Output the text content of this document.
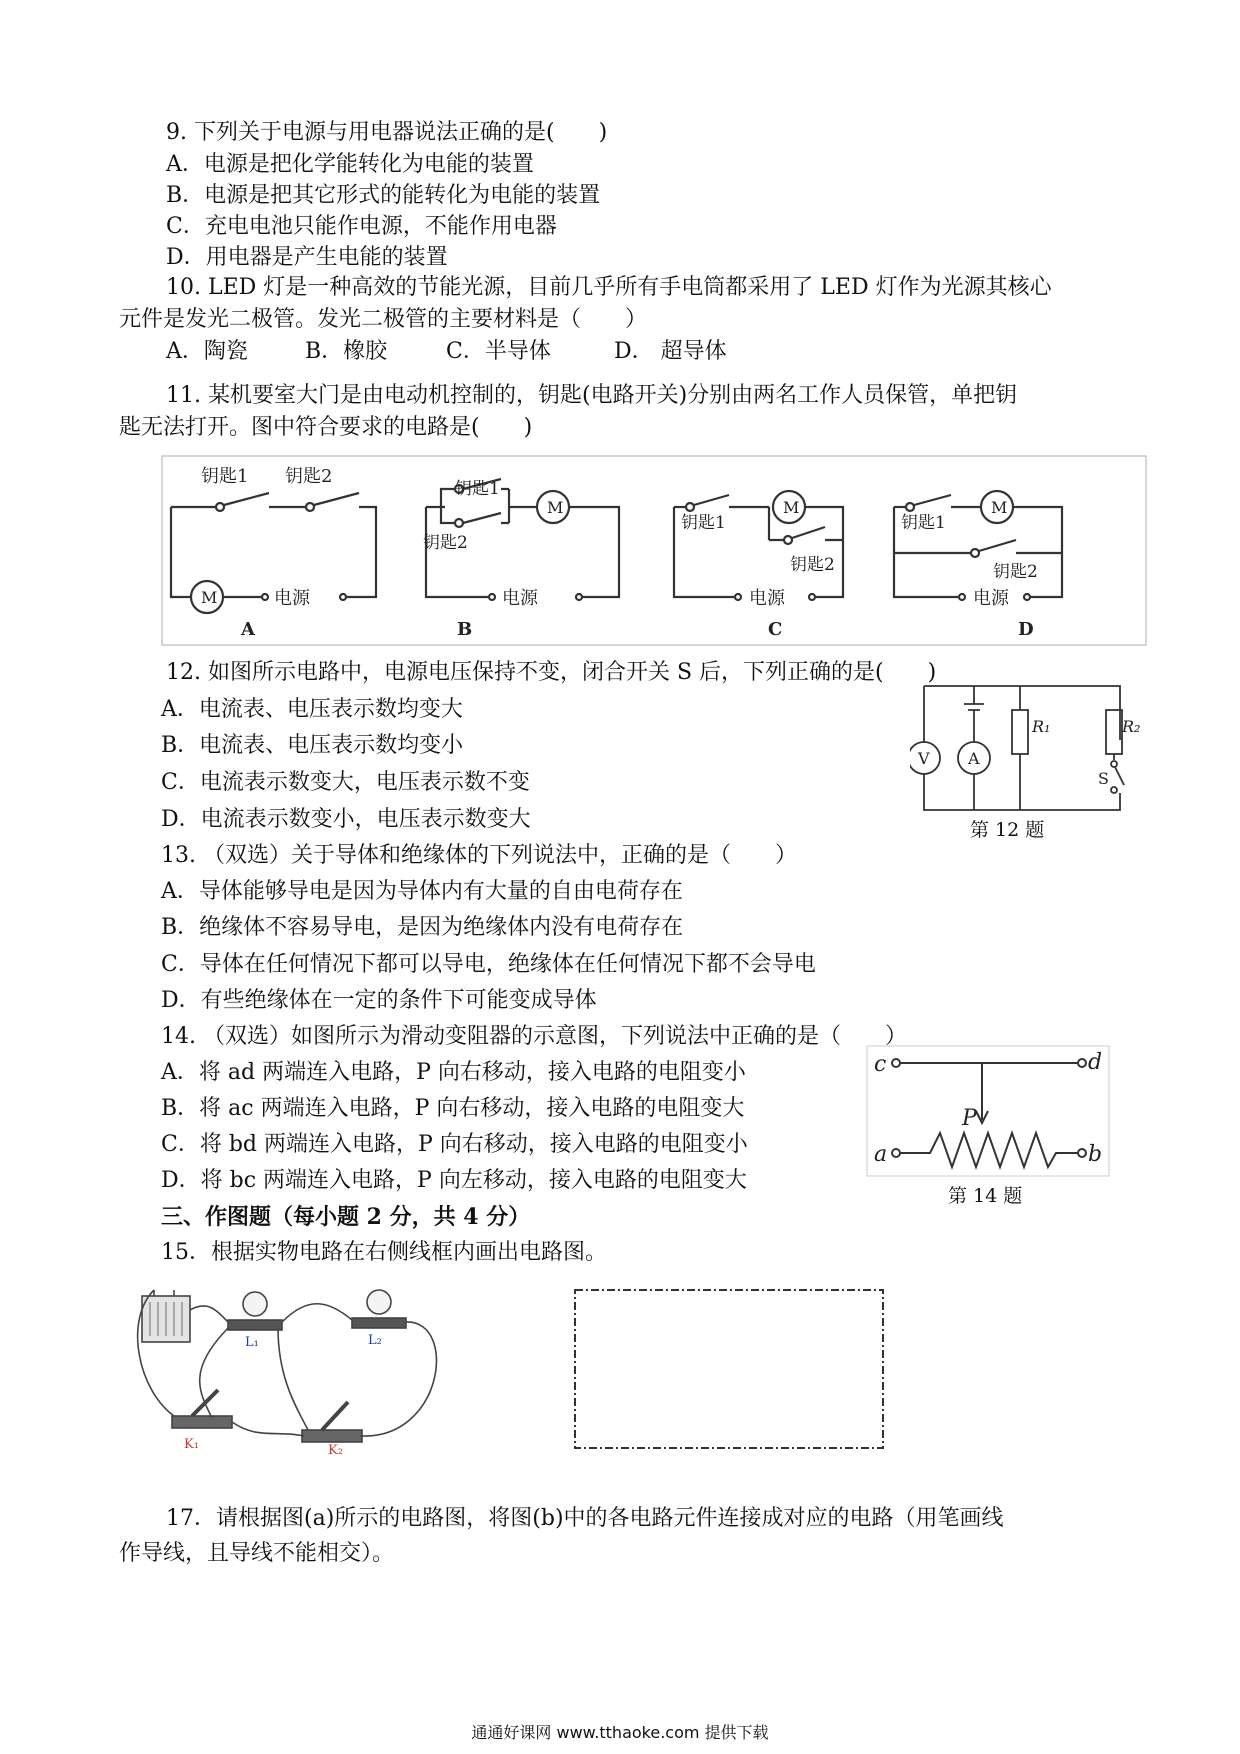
9. 下列关于电源与用电器说法正确的是(　　)
A．电源是把化学能转化为电能的装置
B．电源是把其它形式的能转化为电能的装置
C．充电电池只能作电源，不能作用电器
D．用电器是产生电能的装置
10. LED 灯是一种高效的节能光源，目前几乎所有手电筒都采用了 LED 灯作为光源其核心
元件是发光二极管。发光二极管的主要材料是（　　）
A．陶瓷	B．橡胶	C．半导体	D． 超导体
11. 某机要室大门是由电动机控制的，钥匙(电路开关)分别由两名工作人员保管，单把钥
匙无法打开。图中符合要求的电路是(　　)
钥匙1 钥匙2
M	电源
A
钥匙1
钥匙2
M
电源
B
钥匙1
钥匙2
M
电源
C
钥匙1
钥匙2
M
电源
D
12. 如图所示电路中，电源电压保持不变，闭合开关 S 后，下列正确的是(　　)
A．电流表、电压表示数均变大
B．电流表、电压表示数均变小
C．电流表示数变大，电压表示数不变
D．电流表示数变小，电压表示数变大
V A
R₁	R₂
S
第 12 题
13. （双选）关于导体和绝缘体的下列说法中，正确的是（　　）
A．导体能够导电是因为导体内有大量的自由电荷存在
B．绝缘体不容易导电，是因为绝缘体内没有电荷存在
C．导体在任何情况下都可以导电，绝缘体在任何情况下都不会导电
D．有些绝缘体在一定的条件下可能变成导体
14. （双选）如图所示为滑动变阻器的示意图，下列说法中正确的是（　　）
A．将 ad 两端连入电路，P 向右移动，接入电路的电阻变小
B．将 ac 两端连入电路，P 向右移动，接入电路的电阻变大
C．将 bd 两端连入电路，P 向右移动，接入电路的电阻变小
D．将 bc 两端连入电路，P 向左移动，接入电路的电阻变大
c	d
P
a	b
第 14 题
三、作图题（每小题 2 分，共 4 分）
15．根据实物电路在右侧线框内画出电路图。
L₁	L₂
K₁	K₂
17．请根据图(a)所示的电路图，将图(b)中的各电路元件连接成对应的电路（用笔画线
作导线，且导线不能相交）。
通通好课网 www.tthaoke.com 提供下载
